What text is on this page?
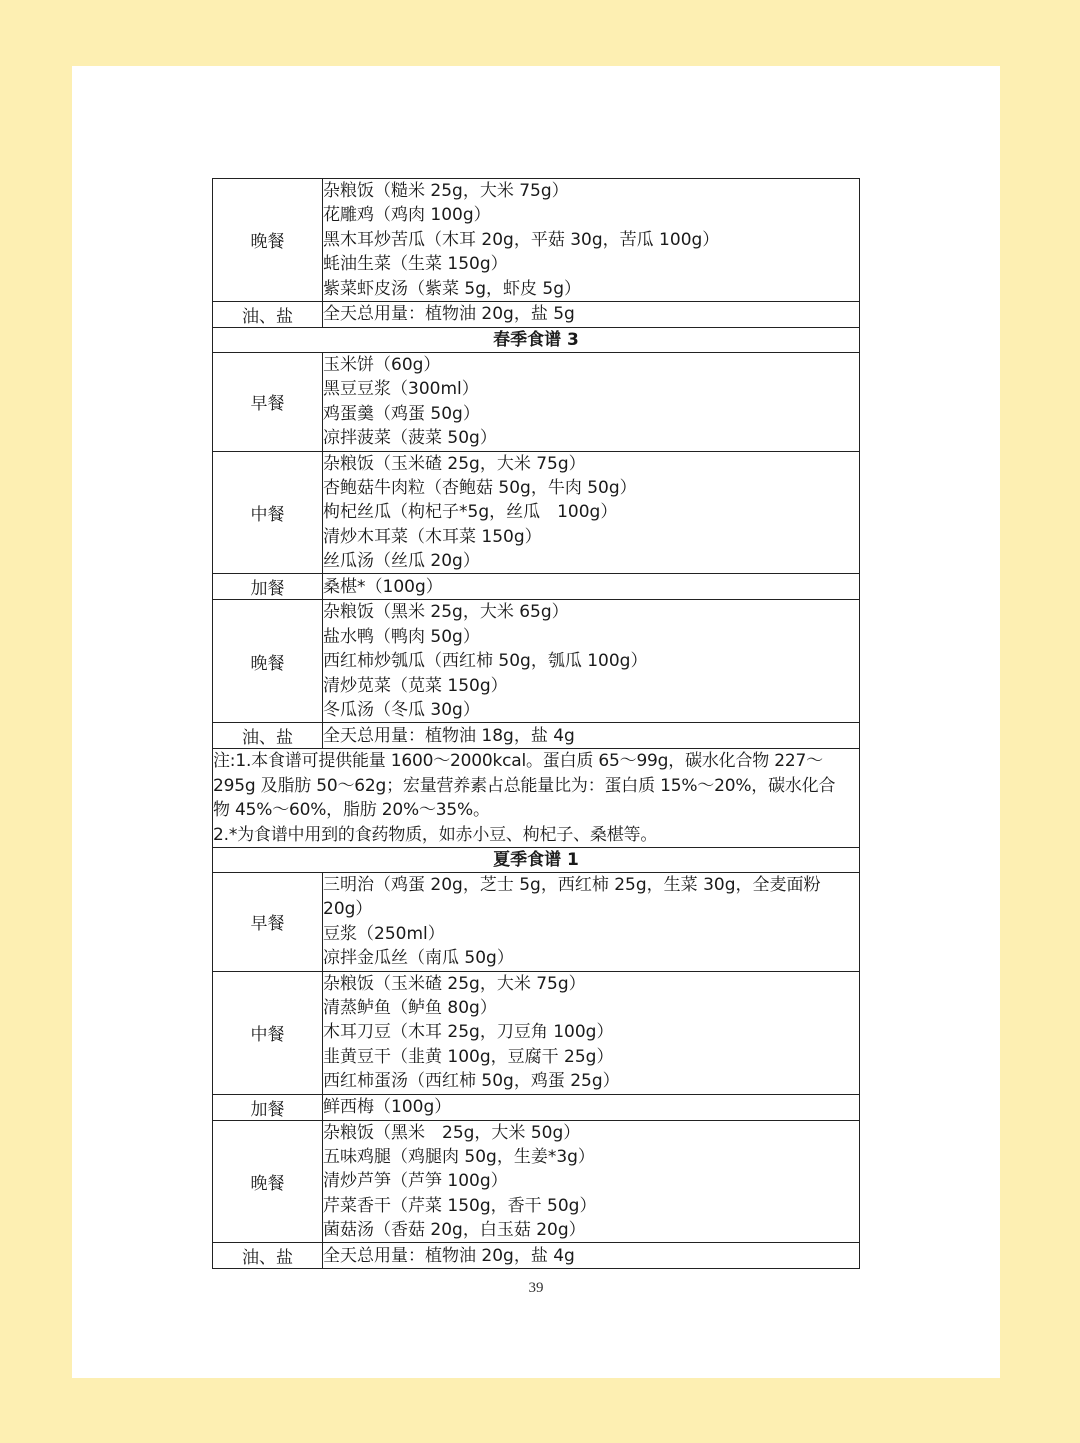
晚餐	杂粮饭（糙米 25g，大米 75g）
花雕鸡（鸡肉 100g）
黑木耳炒苦瓜（木耳 20g，平菇 30g，苦瓜 100g）
蚝油生菜（生菜 150g）
紫菜虾皮汤（紫菜 5g，虾皮 5g）

油、盐	全天总用量：植物油 20g，盐 5g

春季食谱 3	
早餐	玉米饼（60g）
黑豆豆浆（300ml）
鸡蛋羹（鸡蛋 50g）
凉拌菠菜（菠菜 50g）

中餐	杂粮饭（玉米碴 25g，大米 75g）
杏鲍菇牛肉粒（杏鲍菇 50g，牛肉 50g）
枸杞丝瓜（枸杞子*5g，丝瓜　100g）
清炒木耳菜（木耳菜 150g）
丝瓜汤（丝瓜 20g）

加餐	桑椹*（100g）

晚餐	杂粮饭（黑米 25g，大米 65g）
盐水鸭（鸭肉 50g）
西红柿炒瓠瓜（西红柿 50g，瓠瓜 100g）
清炒苋菜（苋菜 150g）
冬瓜汤（冬瓜 30g）

油、盐	全天总用量：植物油 18g，盐 4g

注:1.本食谱可提供能量 1600～2000kcal。蛋白质 65～99g，碳水化合物 227～
295g 及脂肪 50～62g；宏量营养素占总能量比为：蛋白质 15%～20%，碳水化合
物 45%～60%，脂肪 20%～35%。
2.*为食谱中用到的食药物质，如赤小豆、枸杞子、桑椹等。	

夏季食谱 1	
早餐	三明治（鸡蛋 20g，芝士 5g，西红柿 25g，生菜 30g，全麦面粉
20g）
豆浆（250ml）
凉拌金瓜丝（南瓜 50g）

中餐	杂粮饭（玉米碴 25g，大米 75g）
清蒸鲈鱼（鲈鱼 80g）
木耳刀豆（木耳 25g，刀豆角 100g）
韭黄豆干（韭黄 100g，豆腐干 25g）
西红柿蛋汤（西红柿 50g，鸡蛋 25g）

加餐	鲜西梅（100g）

晚餐	杂粮饭（黑米　25g，大米 50g）
五味鸡腿（鸡腿肉 50g，生姜*3g）
清炒芦笋（芦笋 100g）
芹菜香干（芹菜 150g，香干 50g）
菌菇汤（香菇 20g，白玉菇 20g）

油、盐	全天总用量：植物油 20g，盐 4g
39
